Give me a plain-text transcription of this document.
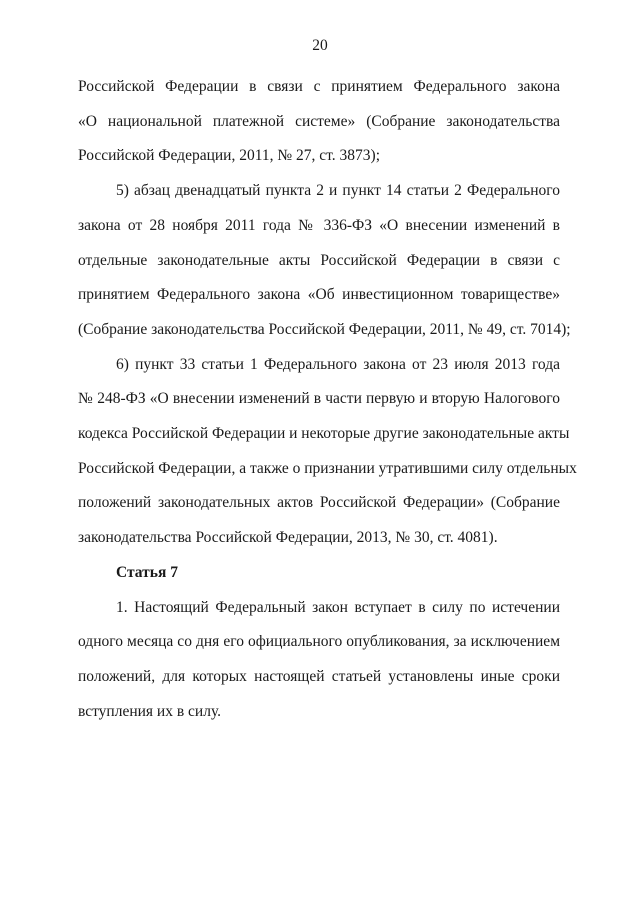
20

Российской Федерации в связи с принятием Федерального закона
«О национальной платежной системе» (Собрание законодательства
Российской Федерации, 2011, № 27, ст. 3873);

5) абзац двенадцатый пункта 2 и пункт 14 статьи 2 Федерального
закона от 28 ноября 2011 года № 336-ФЗ «О внесении изменений в
отдельные законодательные акты Российской Федерации в связи с
принятием Федерального закона «Об инвестиционном товариществе»
(Собрание законодательства Российской Федерации, 2011, № 49, ст. 7014);

6) пункт 33 статьи 1 Федерального закона от 23 июля 2013 года
№ 248-ФЗ «О внесении изменений в части первую и вторую Налогового
кодекса Российской Федерации и некоторые другие законодательные акты
Российской Федерации, а также о признании утратившими силу отдельных
положений законодательных актов Российской Федерации» (Собрание
законодательства Российской Федерации, 2013, № 30, ст. 4081).

Статья 7

1. Настоящий Федеральный закон вступает в силу по истечении
одного месяца со дня его официального опубликования, за исключением
положений, для которых настоящей статьей установлены иные сроки
вступления их в силу.
